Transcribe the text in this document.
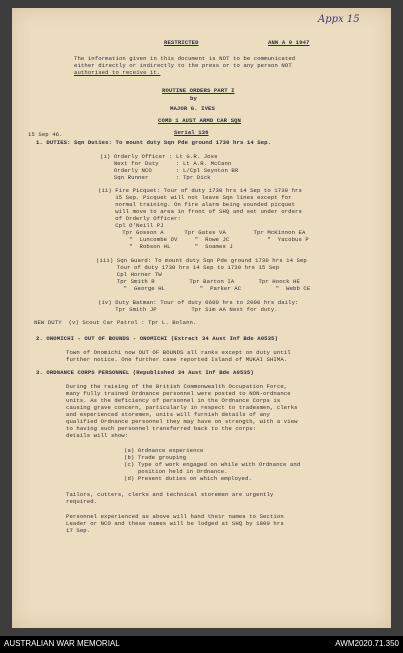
Appx 15
RESTRICTED	ANN A 0 1947
The information given in this document is NOT to be communicated
either directly or indirectly to the press or to any person NOT
authorised to receive it.
ROUTINE ORDERS PART I
by
MAJOR G. IVES
COMD 1 AUST ARMD CAR SQN
15 Sep 46.	Serial 136
1. DUTIES: Sqn Duties: To mount duty Sqn Pde ground 1730 hrs 14 Sep.
(i) Orderly Officer : Lt G.R. Joss
Next for Duty     : Lt A.R. McCann
Orderly NCO       : L/Cpl Seynton BR
Sqn Runner        : Tpr Dick
(ii) Fire Picquet: Tour of duty 1730 hrs 14 Sep to 1730 hrs
15 Sep. Picquet will not leave Sqn lines except for
normal training. On fire alarm being sounded picquet
will move to area in front of SHQ and set under orders
of Orderly Officer:
Cpl O'Neill PJ
Tpr Gosson A      Tpr Gates VA        Tpr McKinnon EA
"  Luncombe DV     "  Rowe JC           "  Yacobus P
"  Robson HL       "  Soames J
(iii) Sqn Guard: To mount duty Sqn Pde ground 1730 hrs 14 Sep
Tour of duty 1730 hrs 14 Sep to 1730 hrs 15 Sep
Cpl Horner TW
Tpr Smith R          Tpr Barton IA       Tpr Hoock HE
"  George HL          "  Parker AC          "  Webb CE
(iv) Duty Batman: Tour of duty 0600 hrs to 2000 hrs daily:
Tpr Smith JP          Tpr Sim AA Next for duty.
NEW DUTY  (v) Scout Car Patrol : Tpr L. Bolann.
2. ONOMICHI - OUT OF BOUNDS - ONOMICHI (Extract 34 Aust Inf Bde A0535)
Town of Onomichi now OUT OF BOUNDS all ranks except on duty until
further notice. One further case reported Island of MUKAI SHIMA.
3. ORDNANCE CORPS PERSONNEL (Republished 34 Aust Inf Bde A0535)
During the raising of the British Commonwealth Occupation Force,
many fully trained Ordnance personnel were posted to NON-ordnance
units. As the deficiency of personnel in the Ordnance Corps is
causing grave concern, particularly in respect to tradesmen, clerks
and experienced storemen, units will furnish details of any
qualified Ordnance personnel they may have on strength, with a view
to having such personnel transferred back to the corps:
details will show:
(a) Ordnance experience
(b) Trade grouping
(c) Type of work engaged on while with Ordnance and
position held in Ordnance.
(d) Present duties on which employed.
Tailors, cutters, clerks and technical storemen are urgently
required.
Personnel experienced as above will hand their names to Section
Leader or NCO and these names will be lodged at SHQ by 1800 hrs
17 Sep.
AUSTRALIAN WAR MEMORIAL	AWM2020.71.350
